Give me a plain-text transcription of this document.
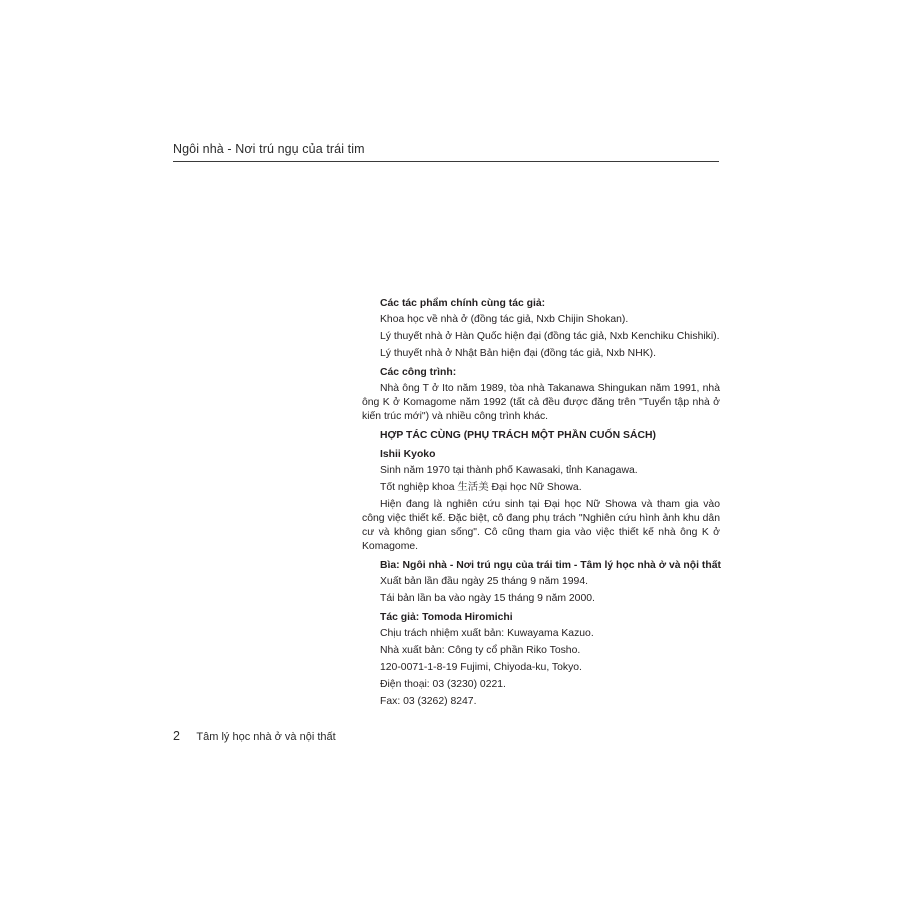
Ngôi nhà - Nơi trú ngụ của trái tim

Các tác phẩm chính cùng tác giả:

Khoa học về nhà ở (đồng tác giả, Nxb Chijin Shokan).

Lý thuyết nhà ở Hàn Quốc hiện đại (đồng tác giả, Nxb Kenchiku Chishiki).

Lý thuyết nhà ở Nhật Bản hiện đại (đồng tác giả, Nxb NHK).

Các công trình:

Nhà ông T ở Ito năm 1989, tòa nhà Takanawa Shingukan năm 1991, nhà ông K ở Komagome năm 1992 (tất cả đều được đăng trên "Tuyển tập nhà ở kiến trúc mới") và nhiều công trình khác.

HỢP TÁC CÙNG (PHỤ TRÁCH MỘT PHẦN CUỐN SÁCH)

Ishii Kyoko

Sinh năm 1970 tại thành phố Kawasaki, tỉnh Kanagawa.

Tốt nghiệp khoa 生活美 Đại học Nữ Showa.

Hiện đang là nghiên cứu sinh tại Đại học Nữ Showa và tham gia vào công việc thiết kế. Đặc biệt, cô đang phụ trách "Nghiên cứu hình ảnh khu dân cư và không gian sống". Cô cũng tham gia vào việc thiết kế nhà ông K ở Komagome.

Bìa: Ngôi nhà - Nơi trú ngụ của trái tim - Tâm lý học nhà ở và nội thất

Xuất bản lần đầu ngày 25 tháng 9 năm 1994.

Tái bản lần ba vào ngày 15 tháng 9 năm 2000.

Tác giả: Tomoda Hiromichi

Chịu trách nhiệm xuất bản: Kuwayama Kazuo.

Nhà xuất bản: Công ty cổ phần Riko Tosho.

120-0071-1-8-19 Fujimi, Chiyoda-ku, Tokyo.

Điện thoại: 03 (3230) 0221.

Fax: 03 (3262) 8247.

2 Tâm lý học nhà ở và nội thất
